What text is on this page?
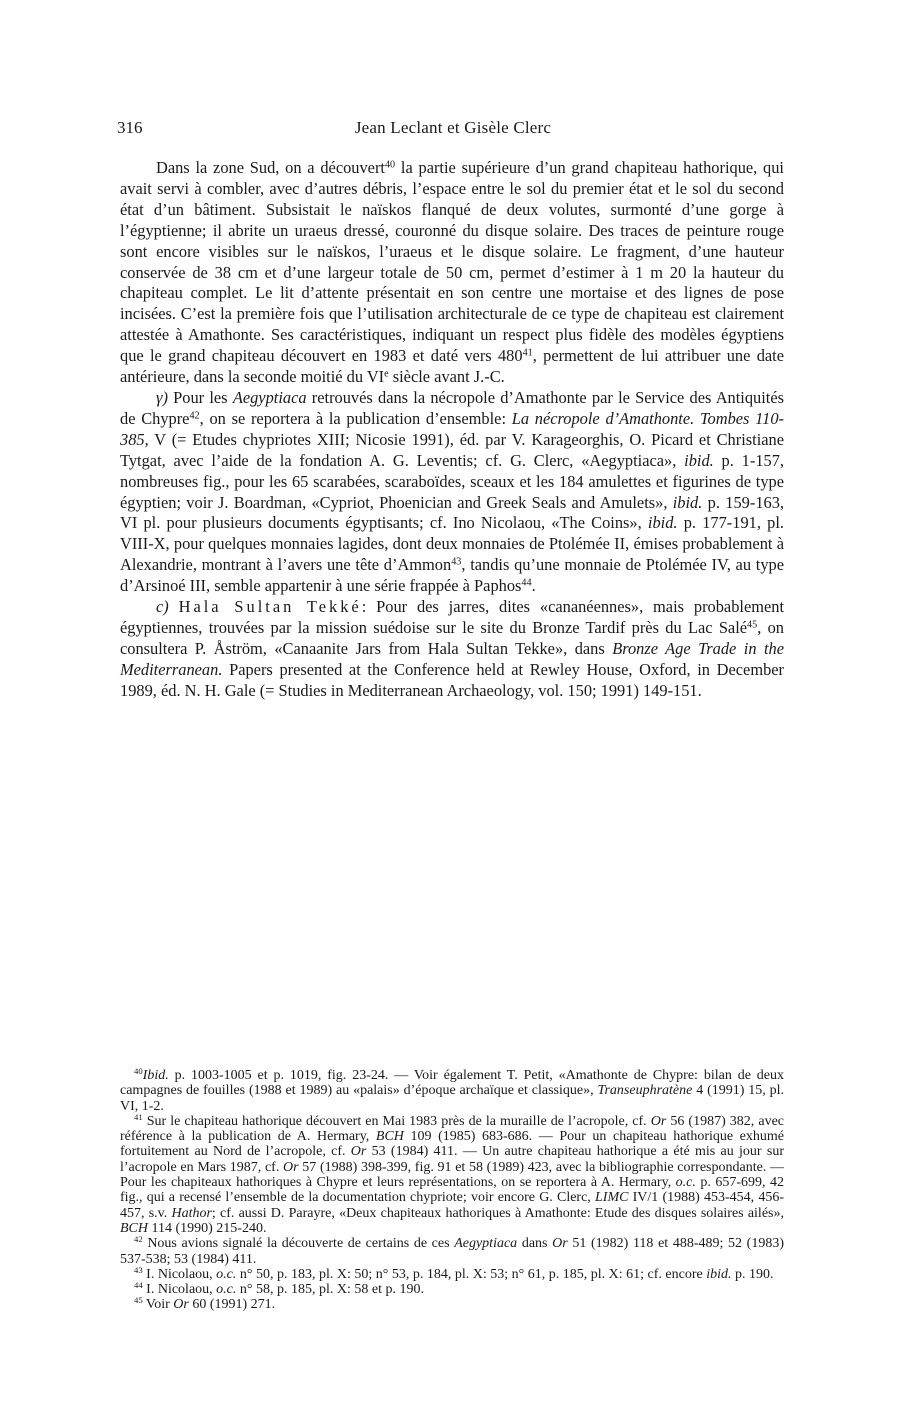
316	Jean Leclant et Gisèle Clerc

Dans la zone Sud, on a découvert$^{40}$ la partie supérieure d’un grand chapiteau hathorique, qui avait servi à combler, avec d’autres débris, l’espace entre le sol du premier état et le sol du second état d’un bâtiment. Subsistait le naïskos flanqué de deux volutes, surmonté d’une gorge à l’égyptienne; il abrite un uraeus dressé, couronné du disque solaire. Des traces de peinture rouge sont encore visibles sur le naïskos, l’uraeus et le disque solaire. Le fragment, d’une hauteur conservée de 38 cm et d’une largeur totale de 50 cm, permet d’estimer à 1 m 20 la hauteur du chapiteau complet. Le lit d’attente présentait en son centre une mortaise et des lignes de pose incisées. C’est la première fois que l’utilisation architecturale de ce type de chapiteau est clairement attestée à Amathonte. Ses caractéristiques, indiquant un respect plus fidèle des modèles égyptiens que le grand chapiteau découvert en 1983 et daté vers $480^{41}$, permettent de lui attribuer une date antérieure, dans la seconde moitié du VIe siècle avant J.-C.

γ) Pour les Aegyptiaca retrouvés dans la nécropole d’Amathonte par le Service des Antiquités de Chypre$^{42}$, on se reportera à la publication d’ensemble: La nécropole d’Amathonte. Tombes 110-385, V (= Etudes chypriotes XIII; Nicosie 1991), éd. par V. Karageorghis, O. Picard et Christiane Tytgat, avec l’aide de la fondation A. G. Leventis; cf. G. Clerc, «Aegyptiaca», ibid. p. 1-157, nombreuses fig., pour les 65 scarabées, scaraboïdes, sceaux et les 184 amulettes et figurines de type égyptien; voir J. Boardman, «Cypriot, Phoenician and Greek Seals and Amulets», ibid. p. 159-163, VI pl. pour plusieurs documents égyptisants; cf. Ino Nicolaou, «The Coins», ibid. p. 177-191, pl. VIII-X, pour quelques monnaies lagides, dont deux monnaies de Ptolémée II, émises probablement à Alexandrie, montrant à l’avers une tête d’Ammon$^{43}$, tandis qu’une monnaie de Ptolémée IV, au type d’Arsinoé III, semble appartenir à une série frappée à Paphos$^{44}$.

c) Hala Sultan Tekké: Pour des jarres, dites «cananéennes», mais probablement égyptiennes, trouvées par la mission suédoise sur le site du Bronze Tardif près du Lac Salé$^{45}$, on consultera P. Åström, «Canaanite Jars from Hala Sultan Tekke», dans Bronze Age Trade in the Mediterranean. Papers presented at the Conference held at Rewley House, Oxford, in December 1989, éd. N. H. Gale (= Studies in Mediterranean Archaeology, vol. 150; 1991) 149-151.

$^{40}$Ibid. p. 1003-1005 et p. 1019, fig. 23-24. — Voir également T. Petit, «Amathonte de Chypre: bilan de deux campagnes de fouilles (1988 et 1989) au «palais» d’époque archaïque et classique», Transeuphratène 4 (1991) 15, pl. VI, 1-2.

$^{41}$ Sur le chapiteau hathorique découvert en Mai 1983 près de la muraille de l’acropole, cf. Or 56 (1987) 382, avec référence à la publication de A. Hermary, BCH 109 (1985) 683-686. — Pour un chapiteau hathorique exhumé fortuitement au Nord de l’acropole, cf. Or 53 (1984) 411. — Un autre chapiteau hathorique a été mis au jour sur l’acropole en Mars 1987, cf. Or 57 (1988) 398-399, fig. 91 et 58 (1989) 423, avec la bibliographie correspondante. — Pour les chapiteaux hathoriques à Chypre et leurs représentations, on se reportera à A. Hermary, o.c. p. 657-699, 42 fig., qui a recensé l’ensemble de la documentation chypriote; voir encore G. Clerc, LIMC IV/1 (1988) 453-454, 456-457, s.v. Hathor; cf. aussi D. Parayre, «Deux chapiteaux hathoriques à Amathonte: Etude des disques solaires ailés», BCH 114 (1990) 215-240.

$^{42}$ Nous avions signalé la découverte de certains de ces Aegyptiaca dans Or 51 (1982) 118 et 488-489; 52 (1983) 537-538; 53 (1984) 411.

$^{43}$ I. Nicolaou, o.c. n° 50, p. 183, pl. X: 50; n° 53, p. 184, pl. X: 53; n° 61, p. 185, pl. X: 61; cf. encore ibid. p. 190.

$^{44}$ I. Nicolaou, o.c. n° 58, p. 185, pl. X: 58 et p. 190.

$^{45}$ Voir Or 60 (1991) 271.
